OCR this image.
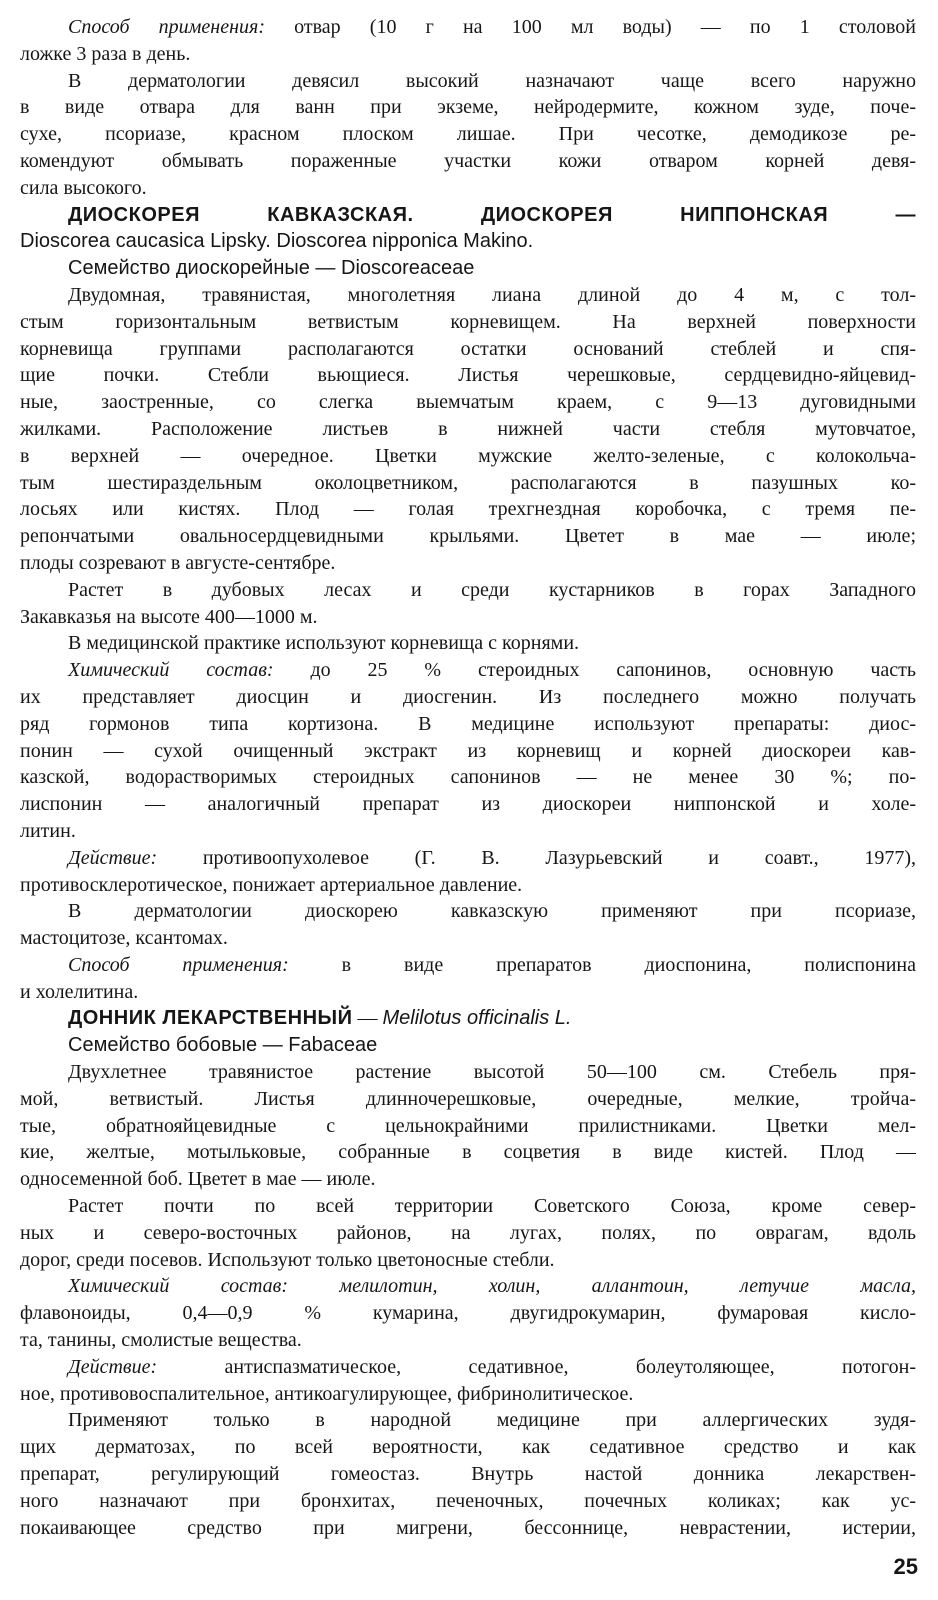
Способ применения: отвар (10 г на 100 мл воды) — по 1 столовой

ложке 3 раза в день.

В дерматологии девясил высокий назначают чаще всего наружно

в виде отвара для ванн при экземе, нейродермите, кожном зуде, поче-

сухе, псориазе, красном плоском лишае. При чесотке, демодикозе ре-

комендуют обмывать пораженные участки кожи отваром корней девя-

сила высокого.

ДИОСКОРЕЯ КАВКАЗСКАЯ. ДИОСКОРЕЯ НИППОНСКАЯ —

Dioscorea caucasica Lipsky. Dioscorea nipponica Makino.

Семейство диоскорейные — Dioscoreaceae

Двудомная, травянистая, многолетняя лиана длиной до 4 м, с тол-

стым горизонтальным ветвистым корневищем. На верхней поверхности

корневища группами располагаются остатки оснований стеблей и спя-

щие почки. Стебли вьющиеся. Листья черешковые, сердцевидно-яйцевид-

ные, заостренные, со слегка выемчатым краем, с 9—13 дуговидными

жилками. Расположение листьев в нижней части стебля мутовчатое,

в верхней — очередное. Цветки мужские желто-зеленые, с колокольча-

тым шестираздельным околоцветником, располагаются в пазушных ко-

лосьях или кистях. Плод — голая трехгнездная коробочка, с тремя пе-

репончатыми овальносердцевидными крыльями. Цветет в мае — июле;

плоды созревают в августе-сентябре.

Растет в дубовых лесах и среди кустарников в горах Западного

Закавказья на высоте 400—1000 м.

В медицинской практике используют корневища с корнями.

Химический состав: до 25 % стероидных сапонинов, основную часть

их представляет диосцин и диосгенин. Из последнего можно получать

ряд гормонов типа кортизона. В медицине используют препараты: диос-

понин — сухой очищенный экстракт из корневищ и корней диоскореи кав-

казской, водорастворимых стероидных сапонинов — не менее 30 %; по-

лиспонин — аналогичный препарат из диоскореи ниппонской и холе-

литин.

Действие: противоопухолевое (Г. В. Лазурьевский и соавт., 1977),

противосклеротическое, понижает артериальное давление.

В дерматологии диоскорею кавказскую применяют при псориазе,

мастоцитозе, ксантомах.

Способ применения: в виде препаратов диоспонина, полиспонина

и холелитина.

ДОННИК ЛЕКАРСТВЕННЫЙ — Melilotus officinalis L.

Семейство бобовые — Fabaceae

Двухлетнее травянистое растение высотой 50—100 см. Стебель пря-

мой, ветвистый. Листья длинночерешковые, очередные, мелкие, тройча-

тые, обратнояйцевидные с цельнокрайними прилистниками. Цветки мел-

кие, желтые, мотыльковые, собранные в соцветия в виде кистей. Плод —

односеменной боб. Цветет в мае — июле.

Растет почти по всей территории Советского Союза, кроме север-

ных и северо-восточных районов, на лугах, полях, по оврагам, вдоль

дорог, среди посевов. Используют только цветоносные стебли.

Химический состав: мелилотин, холин, аллантоин, летучие масла,

флавоноиды, 0,4—0,9 % кумарина, двугидрокумарин, фумаровая кисло-

та, танины, смолистые вещества.

Действие: антиспазматическое, седативное, болеутоляющее, потогон-

ное, противовоспалительное, антикоагулирующее, фибринолитическое.

Применяют только в народной медицине при аллергических зудя-

щих дерматозах, по всей вероятности, как седативное средство и как

препарат, регулирующий гомеостаз. Внутрь настой донника лекарствен-

ного назначают при бронхитах, печеночных, почечных коликах; как ус-

покаивающее средство при мигрени, бессоннице, неврастении, истерии,

25
